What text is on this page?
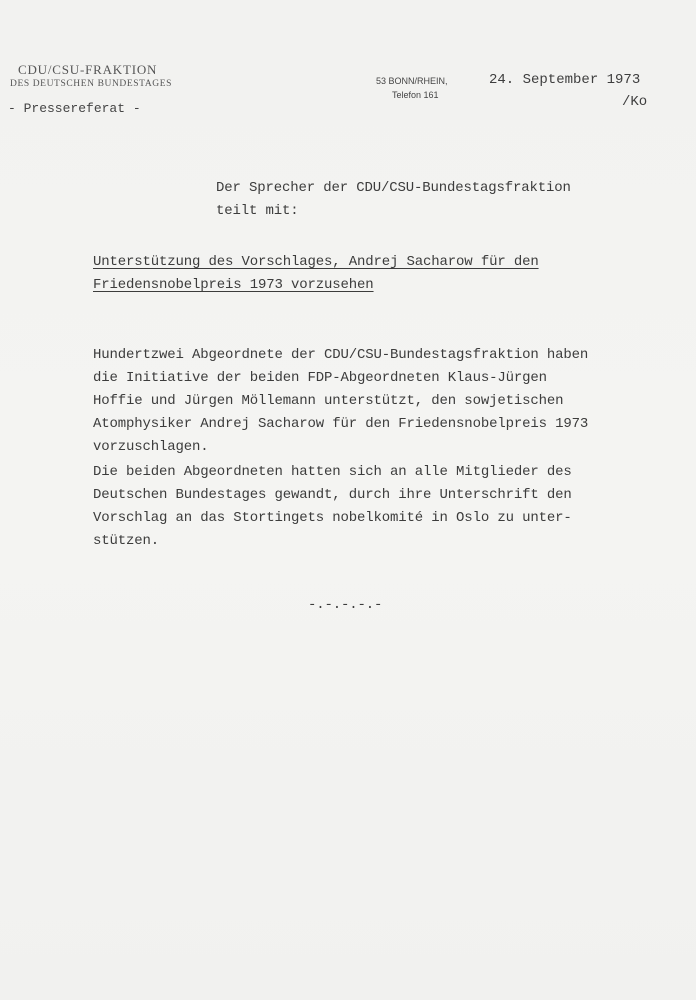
CDU/CSU-FRAKTION
DES DEUTSCHEN BUNDESTAGES
- Pressereferat -
53 BONN/RHEIN,
Telefon 161
24. September 1973
/Ko
Der Sprecher der CDU/CSU-Bundestagsfraktion
teilt mit:
Unterstützung des Vorschlages, Andrej Sacharow für den
Friedensnobelpreis 1973 vorzusehen
Hundertzwei Abgeordnete der CDU/CSU-Bundestagsfraktion haben
die Initiative der beiden FDP-Abgeordneten Klaus-Jürgen
Hoffie und Jürgen Möllemann unterstützt, den sowjetischen
Atomphysiker Andrej Sacharow für den Friedensnobelpreis 1973
vorzuschlagen.
Die beiden Abgeordneten hatten sich an alle Mitglieder des
Deutschen Bundestages gewandt, durch ihre Unterschrift den
Vorschlag an das Stortingets nobelkomité in Oslo zu unter-
stützen.
-.-.-.-.-
